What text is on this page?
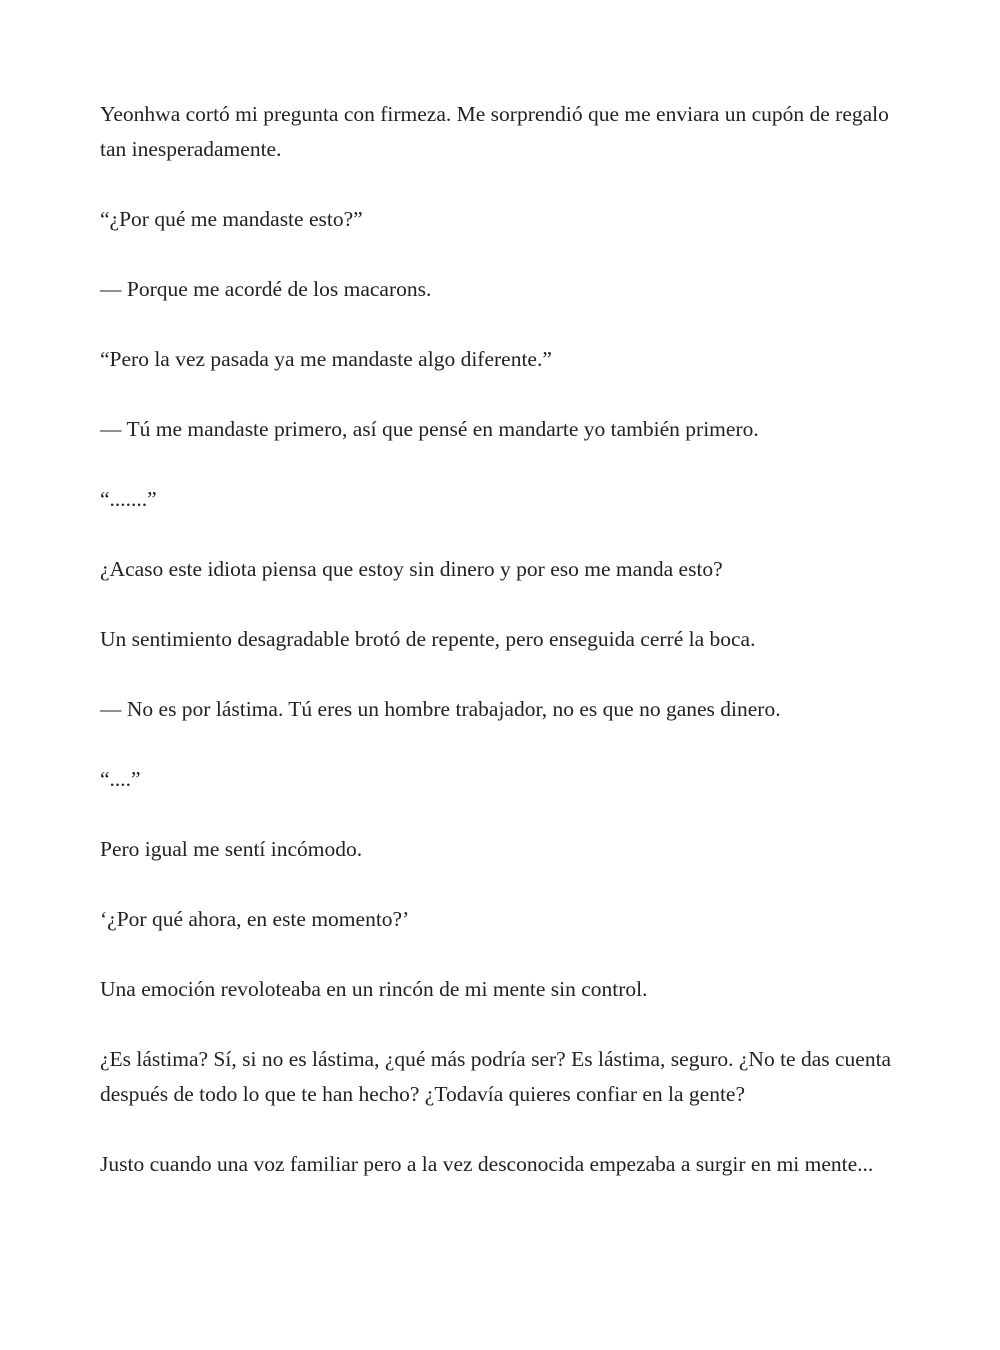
Yeonhwa cortó mi pregunta con firmeza. Me sorprendió que me enviara un cupón de regalo tan inesperadamente.

“¿Por qué me mandaste esto?”

— Porque me acordé de los macarons.

“Pero la vez pasada ya me mandaste algo diferente.”

— Tú me mandaste primero, así que pensé en mandarte yo también primero.

“.......”

¿Acaso este idiota piensa que estoy sin dinero y por eso me manda esto?

Un sentimiento desagradable brotó de repente, pero enseguida cerré la boca.

— No es por lástima. Tú eres un hombre trabajador, no es que no ganes dinero.

“....”

Pero igual me sentí incómodo.

‘¿Por qué ahora, en este momento?’

Una emoción revoloteaba en un rincón de mi mente sin control.

¿Es lástima? Sí, si no es lástima, ¿qué más podría ser? Es lástima, seguro. ¿No te das cuenta después de todo lo que te han hecho? ¿Todavía quieres confiar en la gente?

Justo cuando una voz familiar pero a la vez desconocida empezaba a surgir en mi mente...
